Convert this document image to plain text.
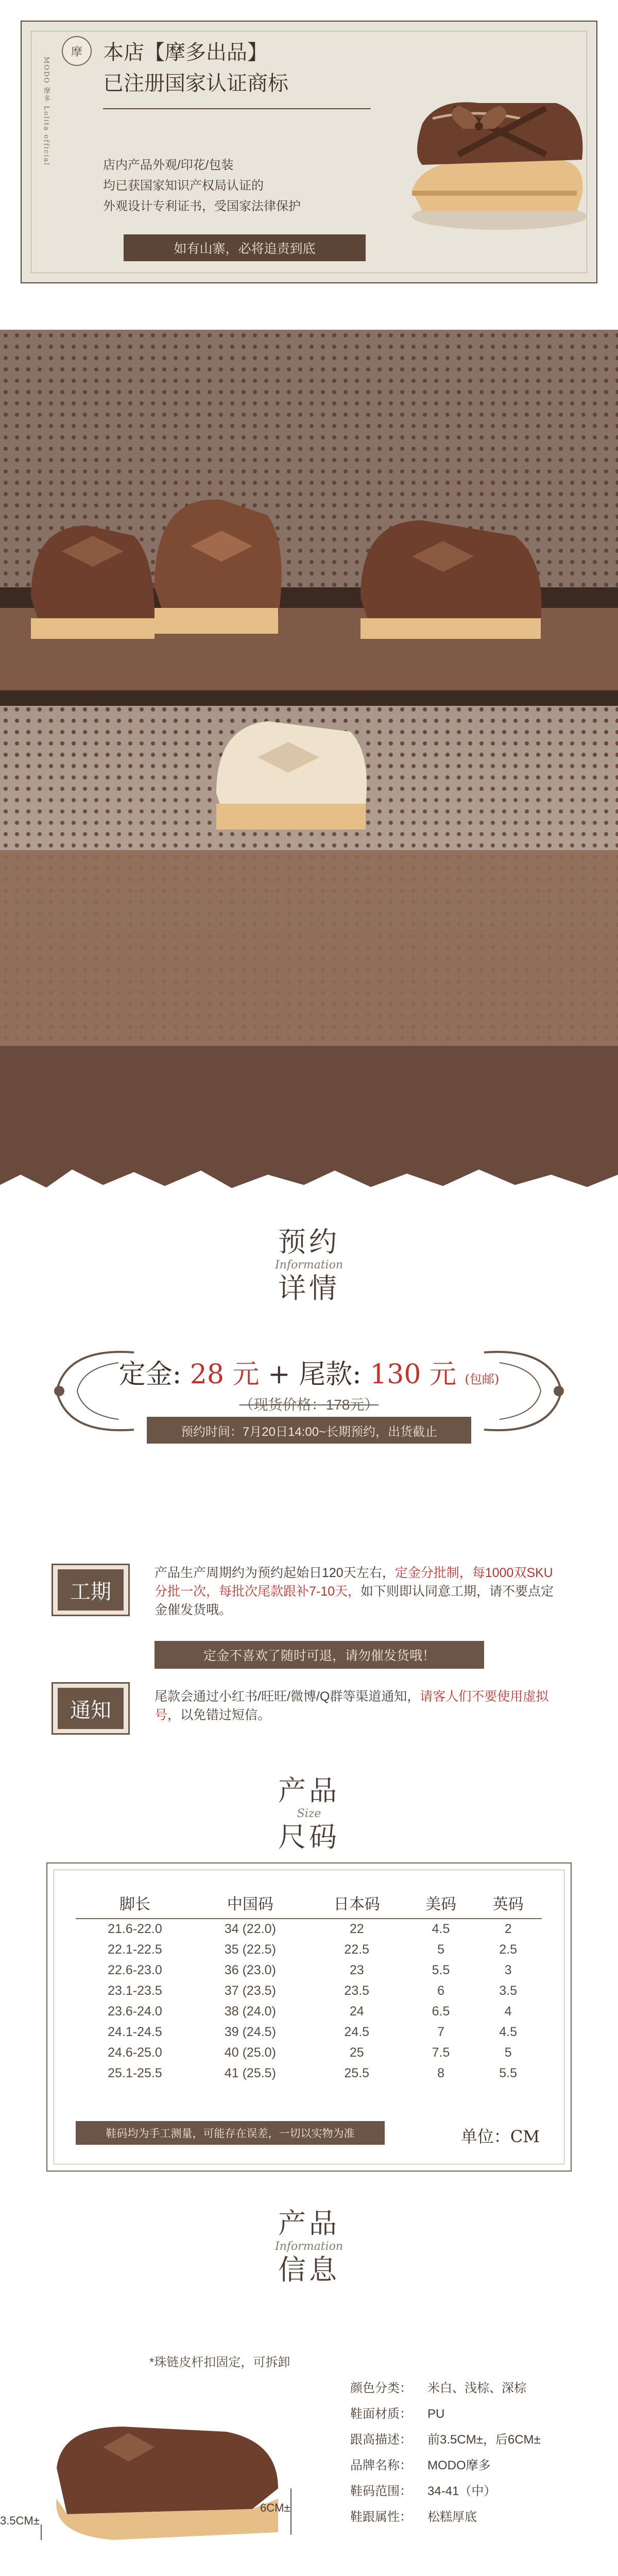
MODO 摩多 Lolita official
摩	本店【摩多出品】
已注册国家认证商标
店内产品外观/印花/包装
均已获国家知识产权局认证的
外观设计专利证书，受国家法律保护
如有山寨，必将追责到底
预约
Information
详情
定金: 28 元 + 尾款: 130 元 (包邮)
（现货价格：178元）
预约时间：7月20日14:00~长期预约，出货截止
工期
产品生产周期约为预约起始日120天左右，定金分批制，每1000双SKU分批一次，每批次尾款跟补7-10天，如下则即认同意工期，请不要点定金催发货哦。
定金不喜欢了随时可退，请勿催发货哦！
通知
尾款会通过小红书/旺旺/微博/Q群等渠道通知，请客人们不要使用虚拟号，以免错过短信。
产品
Size
尺码
脚长	中国码	日本码	美码	英码
21.6-22.0	34 (22.0)	22	4.5	2
22.1-22.5	35 (22.5)	22.5	5	2.5
22.6-23.0	36 (23.0)	23	5.5	3
23.1-23.5	37 (23.5)	23.5	6	3.5
23.6-24.0	38 (24.0)	24	6.5	4
24.1-24.5	39 (24.5)	24.5	7	4.5
24.6-25.0	40 (25.0)	25	7.5	5
25.1-25.5	41 (25.5)	25.5	8	5.5
鞋码均为手工测量，可能存在误差，一切以实物为准	单位：CM
产品
Information
信息
*珠链皮杆扣固定，可拆卸
3.5CM±
6CM±
颜色分类： 米白、浅棕、深棕
鞋面材质： PU
跟高描述： 前3.5CM±，后6CM±
品牌名称： MODO摩多
鞋码范围： 34-41（中）
鞋跟属性： 松糕厚底
